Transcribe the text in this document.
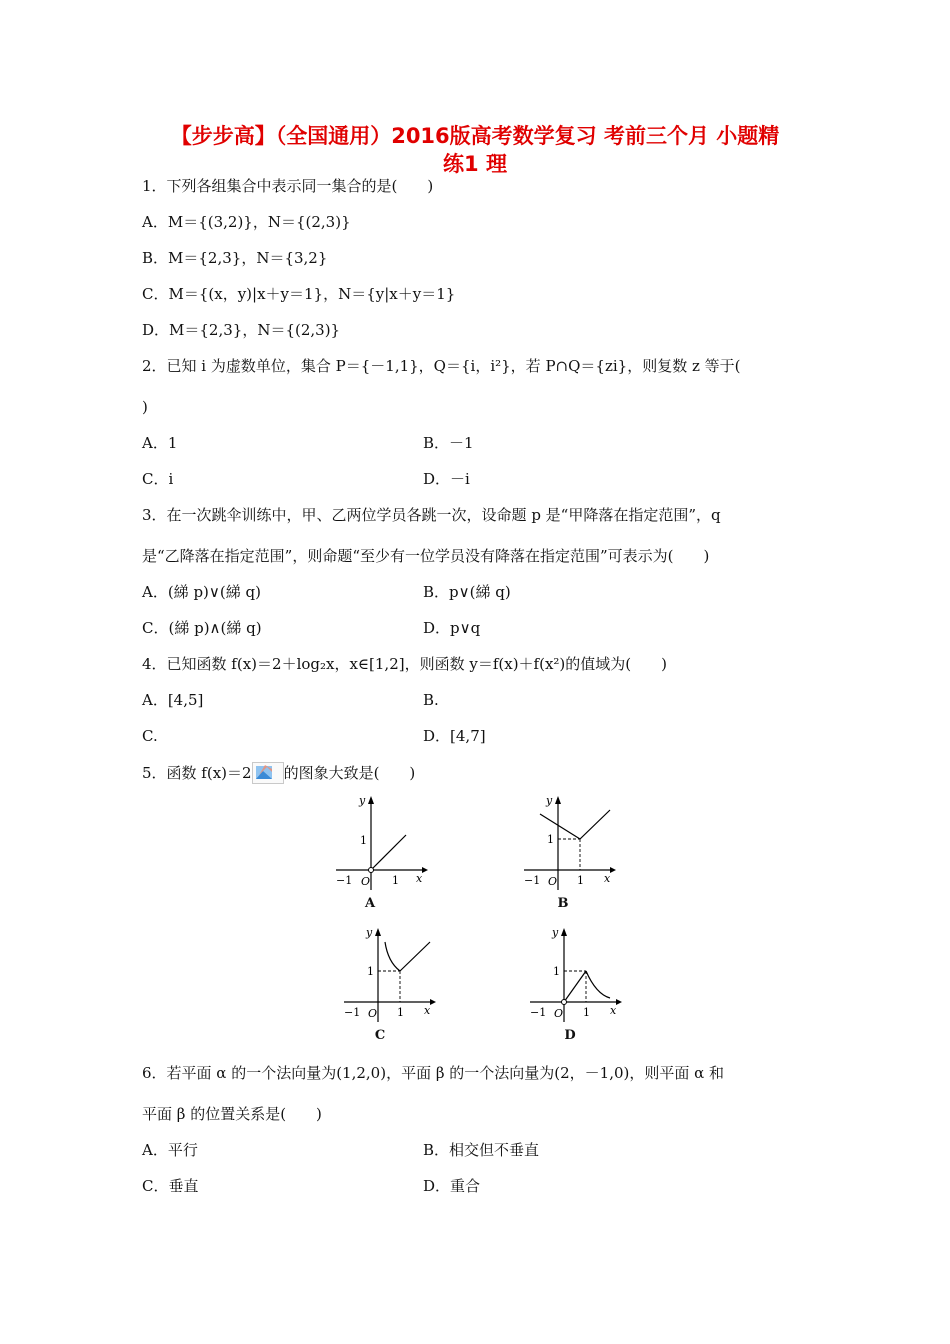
【步步高】（全国通用）2016版高考数学复习 考前三个月 小题精
练1 理
1．下列各组集合中表示同一集合的是(　　)
A．M＝{(3,2)}，N＝{(2,3)}
B．M＝{2,3}，N＝{3,2}
C．M＝{(x，y)|x＋y＝1}，N＝{y|x＋y＝1}
D．M＝{2,3}，N＝{(2,3)}
2．已知 i 为虚数单位，集合 P＝{－1,1}，Q＝{i，i²}，若 P∩Q＝{zi}，则复数 z 等于(
)
A．1	B．－1
C．i	D．－i
3．在一次跳伞训练中，甲、乙两位学员各跳一次，设命题 p 是“甲降落在指定范围”，q
是“乙降落在指定范围”，则命题“至少有一位学员没有降落在指定范围”可表示为(　　)
A．(綈 p)∨(綈 q)	B．p∨(綈 q)
C．(綈 p)∧(綈 q)	D．p∨q
4．已知函数 f(x)＝2＋log₂x，x∈[1,2]，则函数 y＝f(x)＋f(x²)的值域为(　　)
A．[4,5]	B.
C.	D．[4,7]
5．函数 f(x)＝2 的图象大致是(　　)
y
x
1
1
−1 O
A
y
x
1
1
−1 O
B
y
x
1
1
−1 O
C
y
x
1
1
−1 O
D
6．若平面 α 的一个法向量为(1,2,0)，平面 β 的一个法向量为(2，－1,0)，则平面 α 和
平面 β 的位置关系是(　　)
A．平行	B．相交但不垂直
C．垂直	D．重合
